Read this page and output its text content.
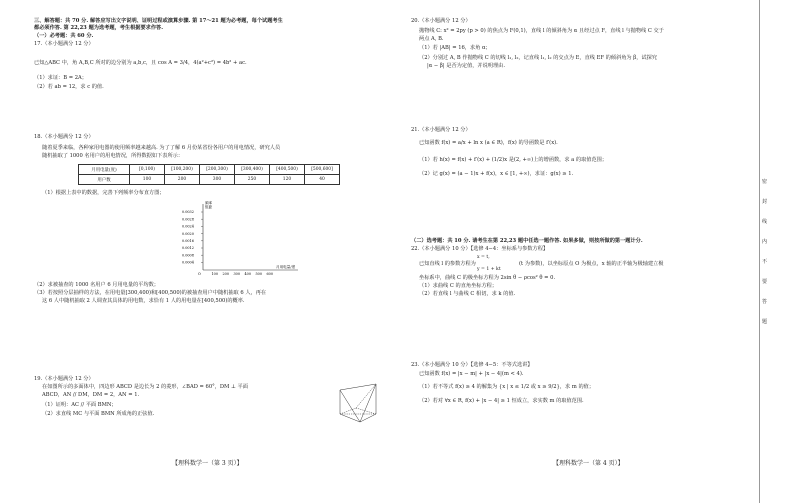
三、解答题：共 70 分. 解答应写出文字说明、证明过程或演算步骤. 第 17～21 题为必考题，每个试题考生
都必须作答. 第 22,23 题为选考题，考生根据要求作答.
（一）必考题：共 60 分.
17.（本小题满分 12 分）
已知△ABC 中，角 A,B,C 所对的边分别为 a,b,c，且 cos A = 3/4，4(a²+c²) = 4b² + ac.
（1）求证：B = 2A；
（2）若 ab = 12，求 c 的值.
18.（本小题满分 12 分）
随着夏季来临，各种家用电器的使用频率越来越高. 为了了解 6 月份某省份各用户的用电情况，研究人员
随机抽取了 1000 名用户的用电情况，所得数据如下表所示：
月用电量(度)	[0,100)	[100,200)	[200,300)	[300,400)	[400,500)	[500,600]
用户数	100	200	300	250	120	40
（1）根据上表中的数据，完善下列频率分布直方图；
频率
组距
月用电量/度
0.0032
0.0028
0.0024
0.0020
0.0016
0.0012
0.0008
0.0004
O	100 200 300 400 500 600
（2）求被抽查的 1000 名用户 6 月用电量的平均数；
（3）若按照分层抽样的方法，在用电量[300,400)和[400,500)的被抽查用户中随机抽取 6 人，再在
这 6 人中随机抽取 2 人调查其具体的用电数，求恰有 1 人的用电量在[400,500)的概率.
19.（本小题满分 12 分）
在如图所示的多面体中，四边形 ABCD 是边长为 2 的菱形，∠BAD = 60°，DM ⊥ 平面
ABCD，AN // DM，DM = 2，AN = 1.
（1）证明：AC // 平面 BMN；
（2）求直线 MC 与平面 BMN 所成角的正弦值.
【理科数学一（第 3 页）】
20.（本小题满分 12 分）
抛物线 C: x² = 2py (p > 0) 的焦点为 F(0,1)，直线 l 的倾斜角为 α 且经过点 F，直线 l 与抛物线 C 交于
两点 A, B.
（1）若 |AB| = 16，求角 α；
（2）分别过 A, B 作抛物线 C 的切线 l₁, l₂，记直线 l₁, l₂ 的交点为 E，直线 EF 的倾斜角为 β，试探究
|α − β| 是否为定值，并说明理由.
21.（本小题满分 12 分）
已知函数 f(x) = a/x + ln x (a ∈ R)，f(x) 的导函数是 f′(x).
（1）若 h(x) = f(x) + f′(x) + (1/2)x 是(2, +∞)上的增函数，求 a 的取值范围；
（2）记 g(x) = (a − 1)x + f(x)，x ∈ [1, +∞)，求证：g(x) ≥ 1.
（二）选考题：共 10 分. 请考生在第 22,23 题中任选一题作答. 如果多做，则按所做的第一题计分.
22.（本小题满分 10 分）【选修 4−4：坐标系与参数方程】
已知直线 l 的参数方程为
x = t,
y = 1 + kt
(t 为参数)，以坐标原点 O 为极点，x 轴的正半轴为极轴建立极
坐标系中，曲线 C 的极坐标方程为 2sin θ − ρcos² θ = 0.
（1）求曲线 C 的直角坐标方程；
（2）若直线 l 与曲线 C 相切，求 k 的值.
23.（本小题满分 10 分）【选修 4−5：不等式选讲】
已知函数 f(x) = |x − m| + |x − 4|(m < 4).
（1）若不等式 f(x) ≥ 4 的解集为 {x | x ≤ 1/2 或 x ≥ 9/2}，求 m 的值；
（2）若对 ∀x ∈ R, f(x) + |x − 4| ≥ 1 恒成立，求实数 m 的取值范围.
【理科数学一（第 4 页）】
密
封
线
内
不
要
答
题
